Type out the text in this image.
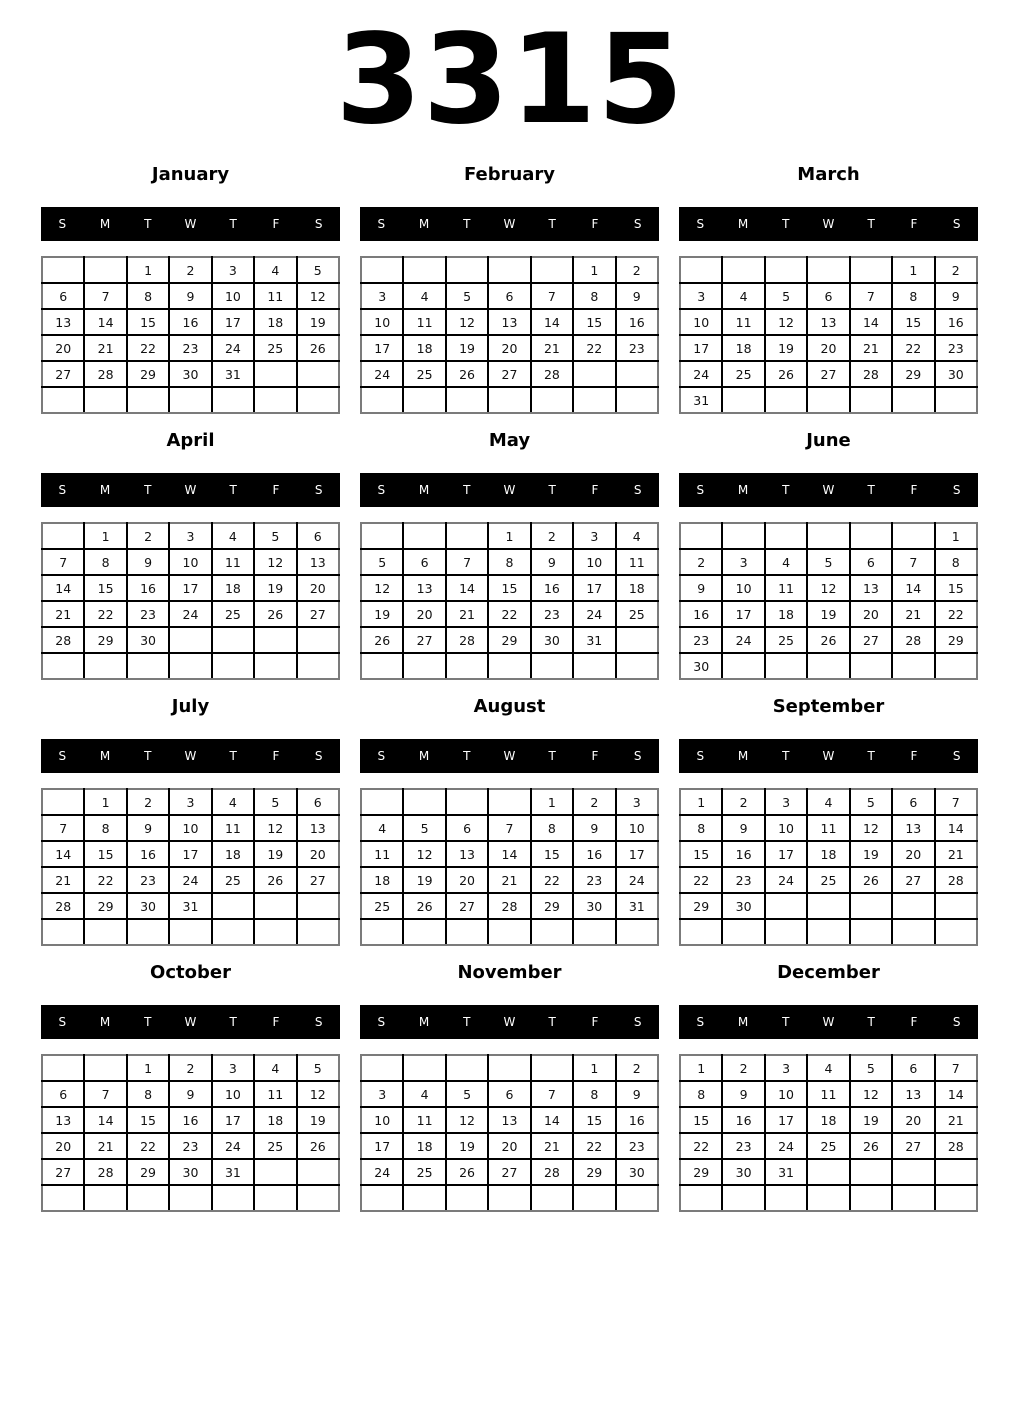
3315
January
S	M	T	W	T	F	S
		1	2	3	4	5
6	7	8	9	10	11	12
13	14	15	16	17	18	19
20	21	22	23	24	25	26
27	28	29	30	31		

February
S	M	T	W	T	F	S
					1	2
3	4	5	6	7	8	9
10	11	12	13	14	15	16
17	18	19	20	21	22	23
24	25	26	27	28		

March
S	M	T	W	T	F	S
					1	2
3	4	5	6	7	8	9
10	11	12	13	14	15	16
17	18	19	20	21	22	23
24	25	26	27	28	29	30
31						
April
S	M	T	W	T	F	S
	1	2	3	4	5	6
7	8	9	10	11	12	13
14	15	16	17	18	19	20
21	22	23	24	25	26	27
28	29	30				

May
S	M	T	W	T	F	S
			1	2	3	4
5	6	7	8	9	10	11
12	13	14	15	16	17	18
19	20	21	22	23	24	25
26	27	28	29	30	31	

June
S	M	T	W	T	F	S
						1
2	3	4	5	6	7	8
9	10	11	12	13	14	15
16	17	18	19	20	21	22
23	24	25	26	27	28	29
30						
July
S	M	T	W	T	F	S
	1	2	3	4	5	6
7	8	9	10	11	12	13
14	15	16	17	18	19	20
21	22	23	24	25	26	27
28	29	30	31			

August
S	M	T	W	T	F	S
				1	2	3
4	5	6	7	8	9	10
11	12	13	14	15	16	17
18	19	20	21	22	23	24
25	26	27	28	29	30	31

September
S	M	T	W	T	F	S
1	2	3	4	5	6	7
8	9	10	11	12	13	14
15	16	17	18	19	20	21
22	23	24	25	26	27	28
29	30					

October
S	M	T	W	T	F	S
		1	2	3	4	5
6	7	8	9	10	11	12
13	14	15	16	17	18	19
20	21	22	23	24	25	26
27	28	29	30	31		

November
S	M	T	W	T	F	S
					1	2
3	4	5	6	7	8	9
10	11	12	13	14	15	16
17	18	19	20	21	22	23
24	25	26	27	28	29	30

December
S	M	T	W	T	F	S
1	2	3	4	5	6	7
8	9	10	11	12	13	14
15	16	17	18	19	20	21
22	23	24	25	26	27	28
29	30	31				
